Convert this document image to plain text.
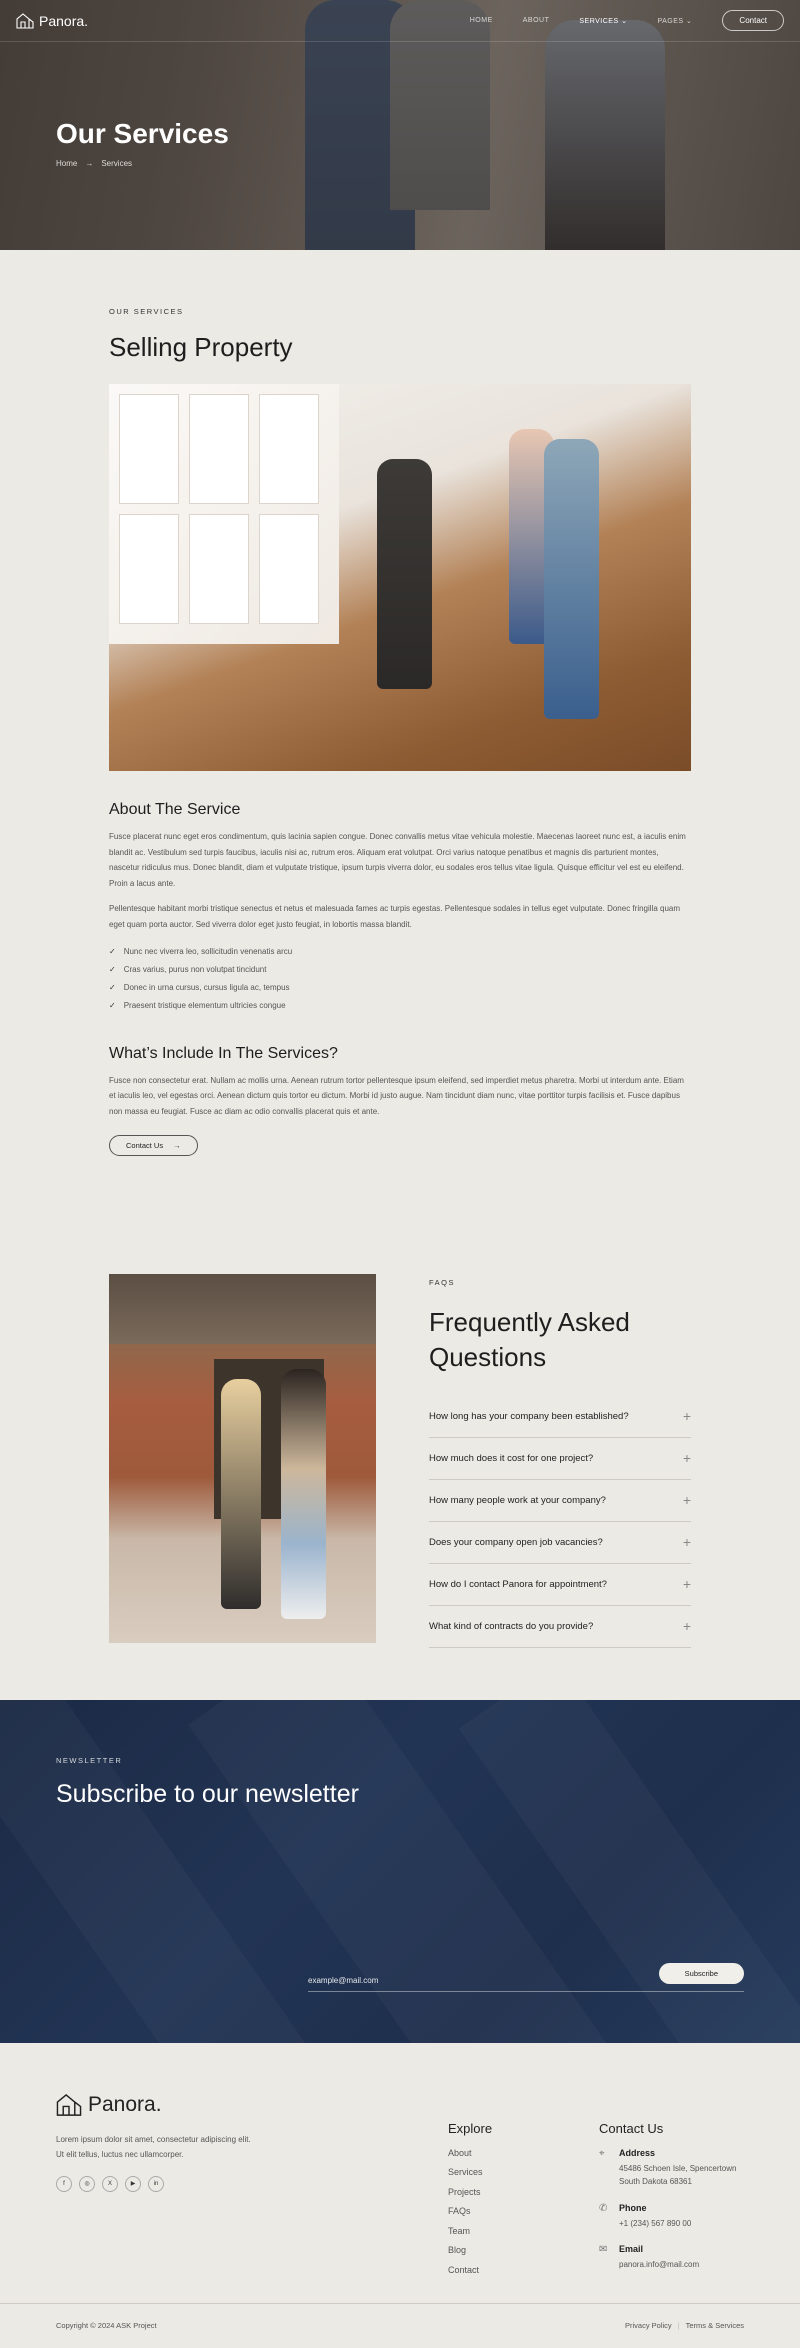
Panora.	HOME	ABOUT	SERVICES ⌄	PAGES ⌄	Contact
Our Services
Home → Services
OUR SERVICES
Selling Property
About The Service

Fusce placerat nunc eget eros condimentum, quis lacinia sapien congue. Donec convallis metus vitae vehicula molestie. Maecenas laoreet nunc est, a iaculis enim blandit ac. Vestibulum sed turpis faucibus, iaculis nisi ac, rutrum eros. Aliquam erat volutpat. Orci varius natoque penatibus et magnis dis parturient montes, nascetur ridiculus mus. Donec blandit, diam et vulputate tristique, ipsum turpis viverra dolor, eu sodales eros tellus vitae ligula. Quisque efficitur vel est eu eleifend. Proin a lacus ante.

Pellentesque habitant morbi tristique senectus et netus et malesuada fames ac turpis egestas. Pellentesque sodales in tellus eget vulputate. Donec fringilla quam eget quam porta auctor. Sed viverra dolor eget justo feugiat, in lobortis massa blandit.

✓ Nunc nec viverra leo, sollicitudin venenatis arcu
✓ Cras varius, purus non volutpat tincidunt
✓ Donec in urna cursus, cursus ligula ac, tempus
✓ Praesent tristique elementum ultricies congue
What’s Include In The Services?

Fusce non consectetur erat. Nullam ac mollis urna. Aenean rutrum tortor pellentesque ipsum eleifend, sed imperdiet metus pharetra. Morbi ut interdum ante. Etiam et iaculis leo, vel egestas orci. Aenean dictum quis tortor eu dictum. Morbi id justo augue. Nam tincidunt diam nunc, vitae porttitor turpis facilisis et. Fusce dapibus non massa eu feugiat. Fusce ac diam ac odio convallis placerat quis et ante.

Contact Us →
FAQS
Frequently Asked
Questions
How long has your company been established?	+
How much does it cost for one project?	+
How many people work at your company?	+
Does your company open job vacancies?	+
How do I contact Panora for appointment?	+
What kind of contracts do you provide?	+
NEWSLETTER
Subscribe to our newsletter
example@mail.com
Subscribe
Panora.

Lorem ipsum dolor sit amet, consectetur adipiscing elit. Ut elit tellus, luctus nec ullamcorper.

f	◎	X	▶	in
Explore
About
Services
Projects
FAQs
Team
Blog
Contact
Contact Us
⌖	Address
45486 Schoen Isle, Spencertown
South Dakota 68361
✆ Phone
+1 (234) 567 890 00
✉ Email
panora.info@mail.com
Copyright © 2024 ASK Project	Privacy Policy | Terms & Services
